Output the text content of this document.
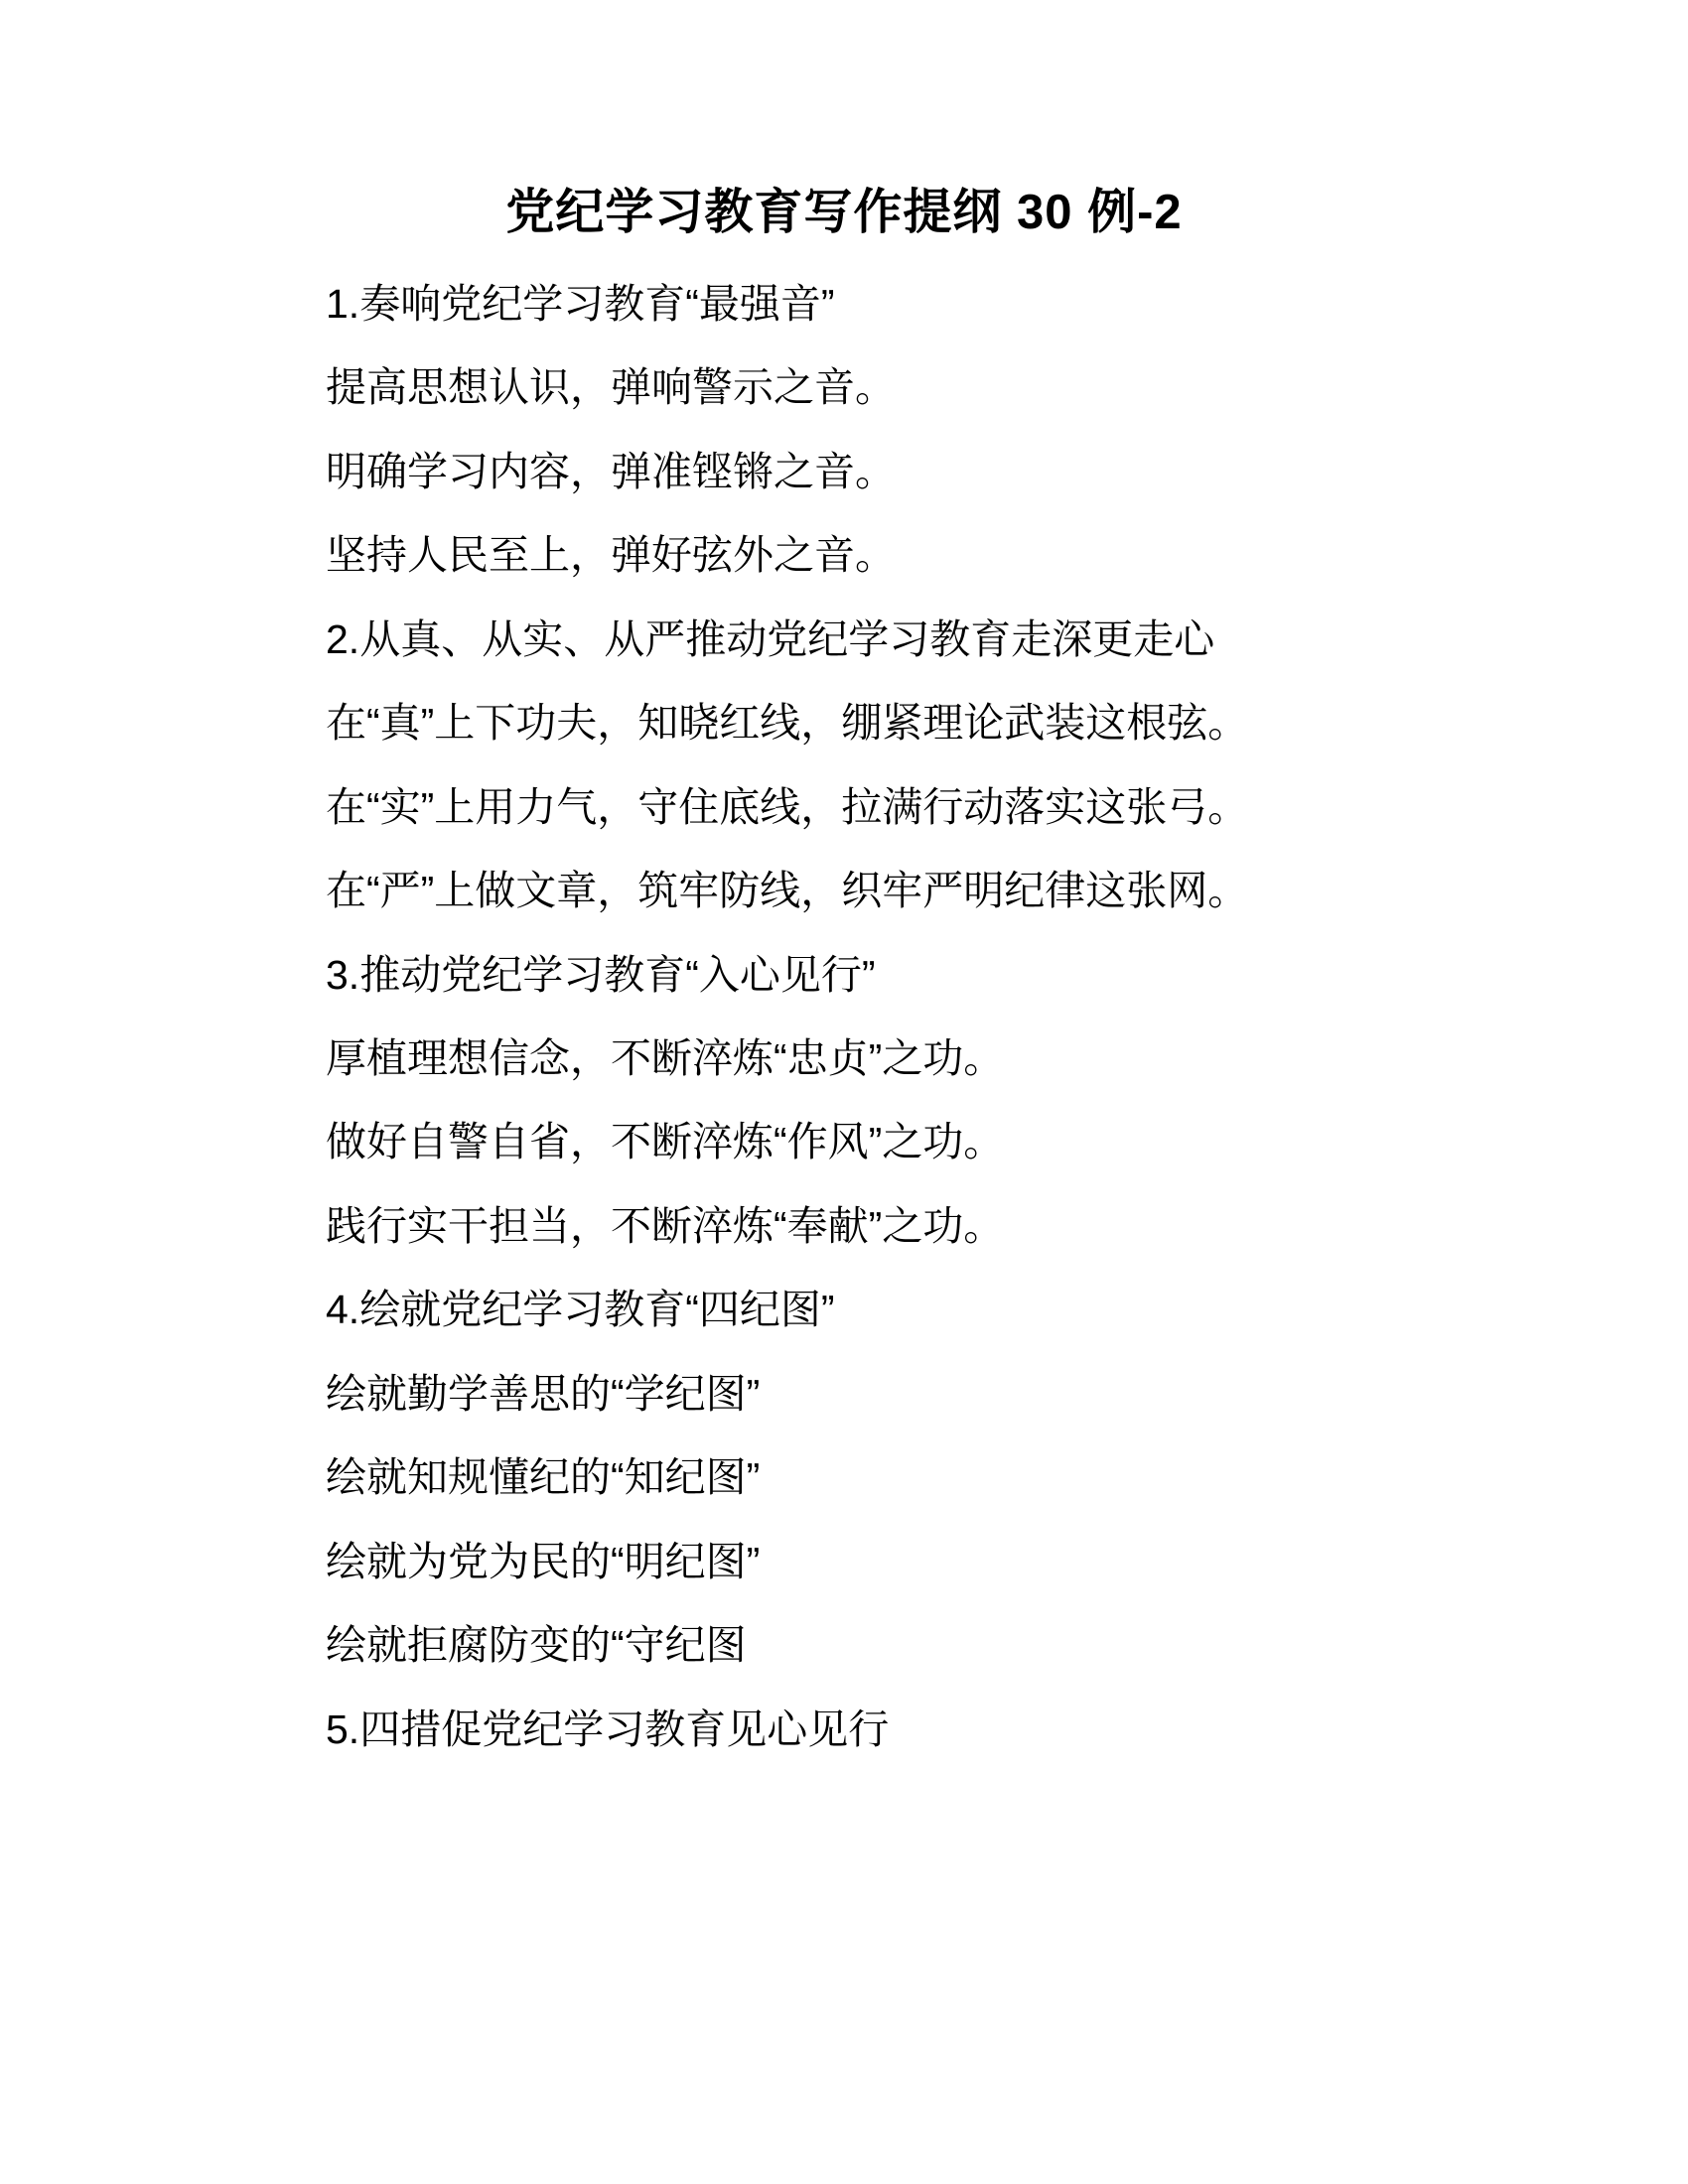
党纪学习教育写作提纲 30 例-2

1.奏响党纪学习教育“最强音”

提高思想认识，弹响警示之音。

明确学习内容，弹准铿锵之音。

坚持人民至上，弹好弦外之音。

2.从真、从实、从严推动党纪学习教育走深更走心

在“真”上下功夫，知晓红线，绷紧理论武装这根弦。

在“实”上用力气，守住底线，拉满行动落实这张弓。

在“严”上做文章，筑牢防线，织牢严明纪律这张网。

3.推动党纪学习教育“入心见行”

厚植理想信念，不断淬炼“忠贞”之功。

做好自警自省，不断淬炼“作风”之功。

践行实干担当，不断淬炼“奉献”之功。

4.绘就党纪学习教育“四纪图”

绘就勤学善思的“学纪图”

绘就知规懂纪的“知纪图”

绘就为党为民的“明纪图”

绘就拒腐防变的“守纪图

5.四措促党纪学习教育见心见行
